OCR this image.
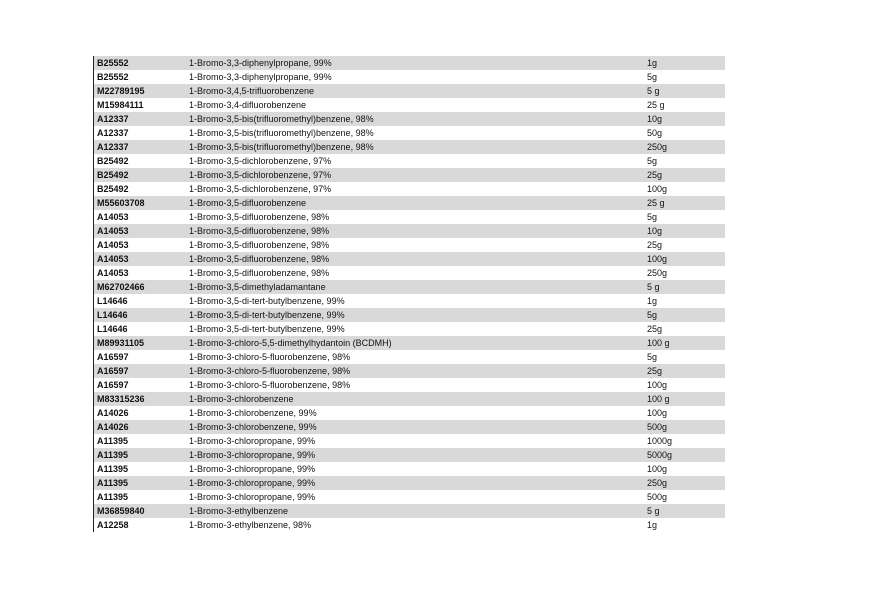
B25552	1-Bromo-3,3-diphenylpropane, 99%	1g
B25552	1-Bromo-3,3-diphenylpropane, 99%	5g
M22789195	1-Bromo-3,4,5-trifluorobenzene	5 g
M15984111	1-Bromo-3,4-difluorobenzene	25 g
A12337	1-Bromo-3,5-bis(trifluoromethyl)benzene, 98%	10g
A12337	1-Bromo-3,5-bis(trifluoromethyl)benzene, 98%	50g
A12337	1-Bromo-3,5-bis(trifluoromethyl)benzene, 98%	250g
B25492	1-Bromo-3,5-dichlorobenzene, 97%	5g
B25492	1-Bromo-3,5-dichlorobenzene, 97%	25g
B25492	1-Bromo-3,5-dichlorobenzene, 97%	100g
M55603708	1-Bromo-3,5-difluorobenzene	25 g
A14053	1-Bromo-3,5-difluorobenzene, 98%	5g
A14053	1-Bromo-3,5-difluorobenzene, 98%	10g
A14053	1-Bromo-3,5-difluorobenzene, 98%	25g
A14053	1-Bromo-3,5-difluorobenzene, 98%	100g
A14053	1-Bromo-3,5-difluorobenzene, 98%	250g
M62702466	1-Bromo-3,5-dimethyladamantane	5 g
L14646	1-Bromo-3,5-di-tert-butylbenzene, 99%	1g
L14646	1-Bromo-3,5-di-tert-butylbenzene, 99%	5g
L14646	1-Bromo-3,5-di-tert-butylbenzene, 99%	25g
M89931105	1-Bromo-3-chloro-5,5-dimethylhydantoin (BCDMH)	100 g
A16597	1-Bromo-3-chloro-5-fluorobenzene, 98%	5g
A16597	1-Bromo-3-chloro-5-fluorobenzene, 98%	25g
A16597	1-Bromo-3-chloro-5-fluorobenzene, 98%	100g
M83315236	1-Bromo-3-chlorobenzene	100 g
A14026	1-Bromo-3-chlorobenzene, 99%	100g
A14026	1-Bromo-3-chlorobenzene, 99%	500g
A11395	1-Bromo-3-chloropropane, 99%	1000g
A11395	1-Bromo-3-chloropropane, 99%	5000g
A11395	1-Bromo-3-chloropropane, 99%	100g
A11395	1-Bromo-3-chloropropane, 99%	250g
A11395	1-Bromo-3-chloropropane, 99%	500g
M36859840	1-Bromo-3-ethylbenzene	5 g
A12258	1-Bromo-3-ethylbenzene, 98%	1g
